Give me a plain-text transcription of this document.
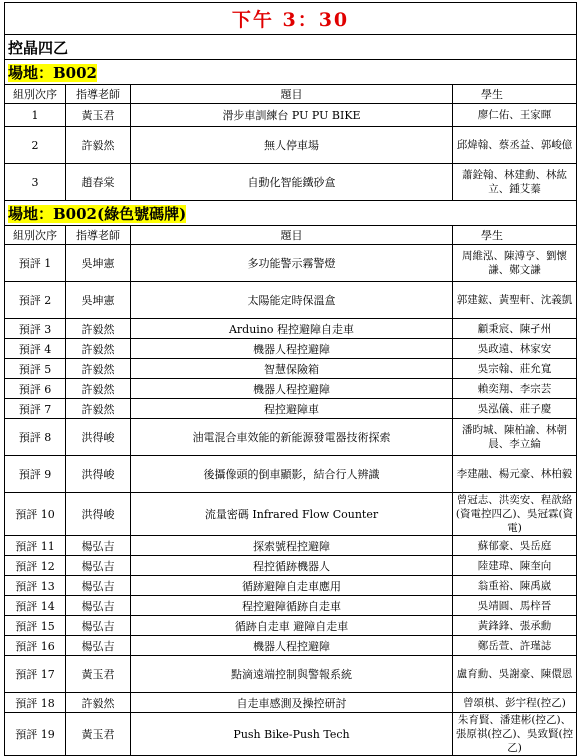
下午 3：30			
控晶四乙			
場地：B002			
組別次序	指導老師	題目	學生
1	黃玉君	滑步車訓練台 PU PU BIKE	廖仁佑、王家暉
2	許毅然	無人停車場	邱煒翰、蔡丞益、郭峻億
3	趙春棠	自動化智能鐵砂盒	蕭銓翰、林建勳、林紘立、鍾艾蓁
場地：B002(綠色號碼牌)			
組別次序	指導老師	題目	學生
預評 1	吳坤憲	多功能警示霧警燈	周維泓、陳溥亨、劉懷謙、鄭文謙
預評 2	吳坤憲	太陽能定時保溫盒	郭建鋐、黃聖軒、沈義凱
預評 3	許毅然	Arduino 程控避障自走車	顧秉宸、陳孑州
預評 4	許毅然	機器人程控避障	吳政遠、林家安
預評 5	許毅然	智慧保險箱	吳宗翰、莊允寬
預評 6	許毅然	機器人程控避障	賴奕翔、李宗芸
預評 7	許毅然	程控避障車	吳泓儀、莊子慶
預評 8	洪得峻	油電混合車效能的新能源發電器技術探索	潘昀城、陳柏諭、林朝晨、李立綸
預評 9	洪得峻	後攝像頭的倒車顯影，結合行人辨識	李建融、楊元豪、林柏毅
預評 10	洪得峻	流量密碼 Infrared Flow Counter	曾冠志、洪奕安、程歆絡(資電控四乙)、吳冠霖(資電)
預評 11	楊弘吉	探索號程控避障	蘇郁豪、吳岳庭
預評 12	楊弘吉	程控循跡機器人	陸建瑋、陳奎向
預評 13	楊弘吉	循跡避障自走車應用	翁重裕、陳禹崴
預評 14	楊弘吉	程控避障循跡自走車	吳靖圓、馬梓晉
預評 15	楊弘吉	循跡自走車 避障自走車	黃鋒鋒、張承勳
預評 16	楊弘吉	機器人程控避障	鄭岳萱、許瑾誌
預評 17	黃玉君	點滴遠端控制與警報系統	盧育勳、吳謝豪、陳儇恩
預評 18	許毅然	自走車感測及操控研討	曾頌棋、彭宇程(控乙)
預評 19	黃玉君	Push Bike-Push Tech	朱育賢、潘建彬(控乙)、張原祺(控乙)、吳致賢(控乙)
